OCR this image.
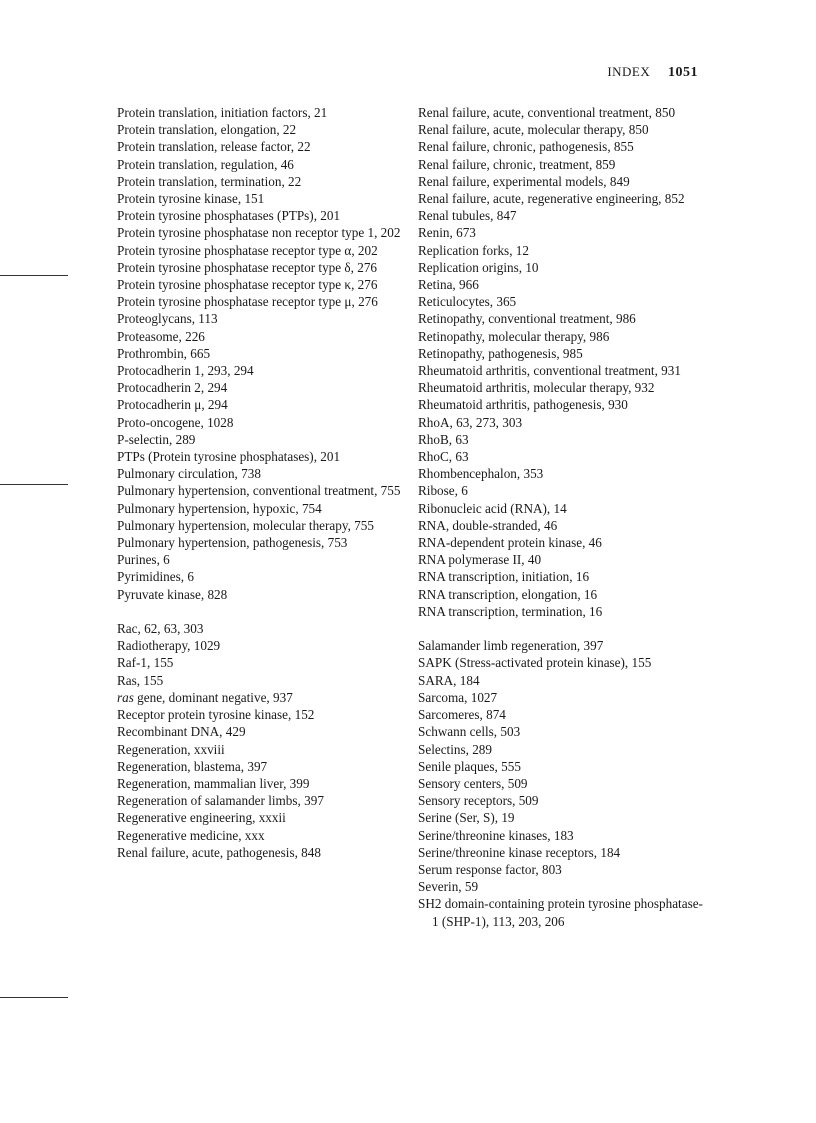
INDEX 1051
Protein translation, initiation factors, 21
Protein translation, elongation, 22
Protein translation, release factor, 22
Protein translation, regulation, 46
Protein translation, termination, 22
Protein tyrosine kinase, 151
Protein tyrosine phosphatases (PTPs), 201
Protein tyrosine phosphatase non receptor type 1, 202
Protein tyrosine phosphatase receptor type α, 202
Protein tyrosine phosphatase receptor type δ, 276
Protein tyrosine phosphatase receptor type κ, 276
Protein tyrosine phosphatase receptor type μ, 276
Proteoglycans, 113
Proteasome, 226
Prothrombin, 665
Protocadherin 1, 293, 294
Protocadherin 2, 294
Protocadherin μ, 294
Proto-oncogene, 1028
P-selectin, 289
PTPs (Protein tyrosine phosphatases), 201
Pulmonary circulation, 738
Pulmonary hypertension, conventional treatment, 755
Pulmonary hypertension, hypoxic, 754
Pulmonary hypertension, molecular therapy, 755
Pulmonary hypertension, pathogenesis, 753
Purines, 6
Pyrimidines, 6
Pyruvate kinase, 828
Rac, 62, 63, 303
Radiotherapy, 1029
Raf-1, 155
Ras, 155
ras gene, dominant negative, 937
Receptor protein tyrosine kinase, 152
Recombinant DNA, 429
Regeneration, xxviii
Regeneration, blastema, 397
Regeneration, mammalian liver, 399
Regeneration of salamander limbs, 397
Regenerative engineering, xxxii
Regenerative medicine, xxx
Renal failure, acute, pathogenesis, 848
Renal failure, acute, conventional treatment, 850
Renal failure, acute, molecular therapy, 850
Renal failure, chronic, pathogenesis, 855
Renal failure, chronic, treatment, 859
Renal failure, experimental models, 849
Renal failure, acute, regenerative engineering, 852
Renal tubules, 847
Renin, 673
Replication forks, 12
Replication origins, 10
Retina, 966
Reticulocytes, 365
Retinopathy, conventional treatment, 986
Retinopathy, molecular therapy, 986
Retinopathy, pathogenesis, 985
Rheumatoid arthritis, conventional treatment, 931
Rheumatoid arthritis, molecular therapy, 932
Rheumatoid arthritis, pathogenesis, 930
RhoA, 63, 273, 303
RhoB, 63
RhoC, 63
Rhombencephalon, 353
Ribose, 6
Ribonucleic acid (RNA), 14
RNA, double-stranded, 46
RNA-dependent protein kinase, 46
RNA polymerase II, 40
RNA transcription, initiation, 16
RNA transcription, elongation, 16
RNA transcription, termination, 16
Salamander limb regeneration, 397
SAPK (Stress-activated protein kinase), 155
SARA, 184
Sarcoma, 1027
Sarcomeres, 874
Schwann cells, 503
Selectins, 289
Senile plaques, 555
Sensory centers, 509
Sensory receptors, 509
Serine (Ser, S), 19
Serine/threonine kinases, 183
Serine/threonine kinase receptors, 184
Serum response factor, 803
Severin, 59
SH2 domain-containing protein tyrosine phosphatase-1 (SHP-1), 113, 203, 206
